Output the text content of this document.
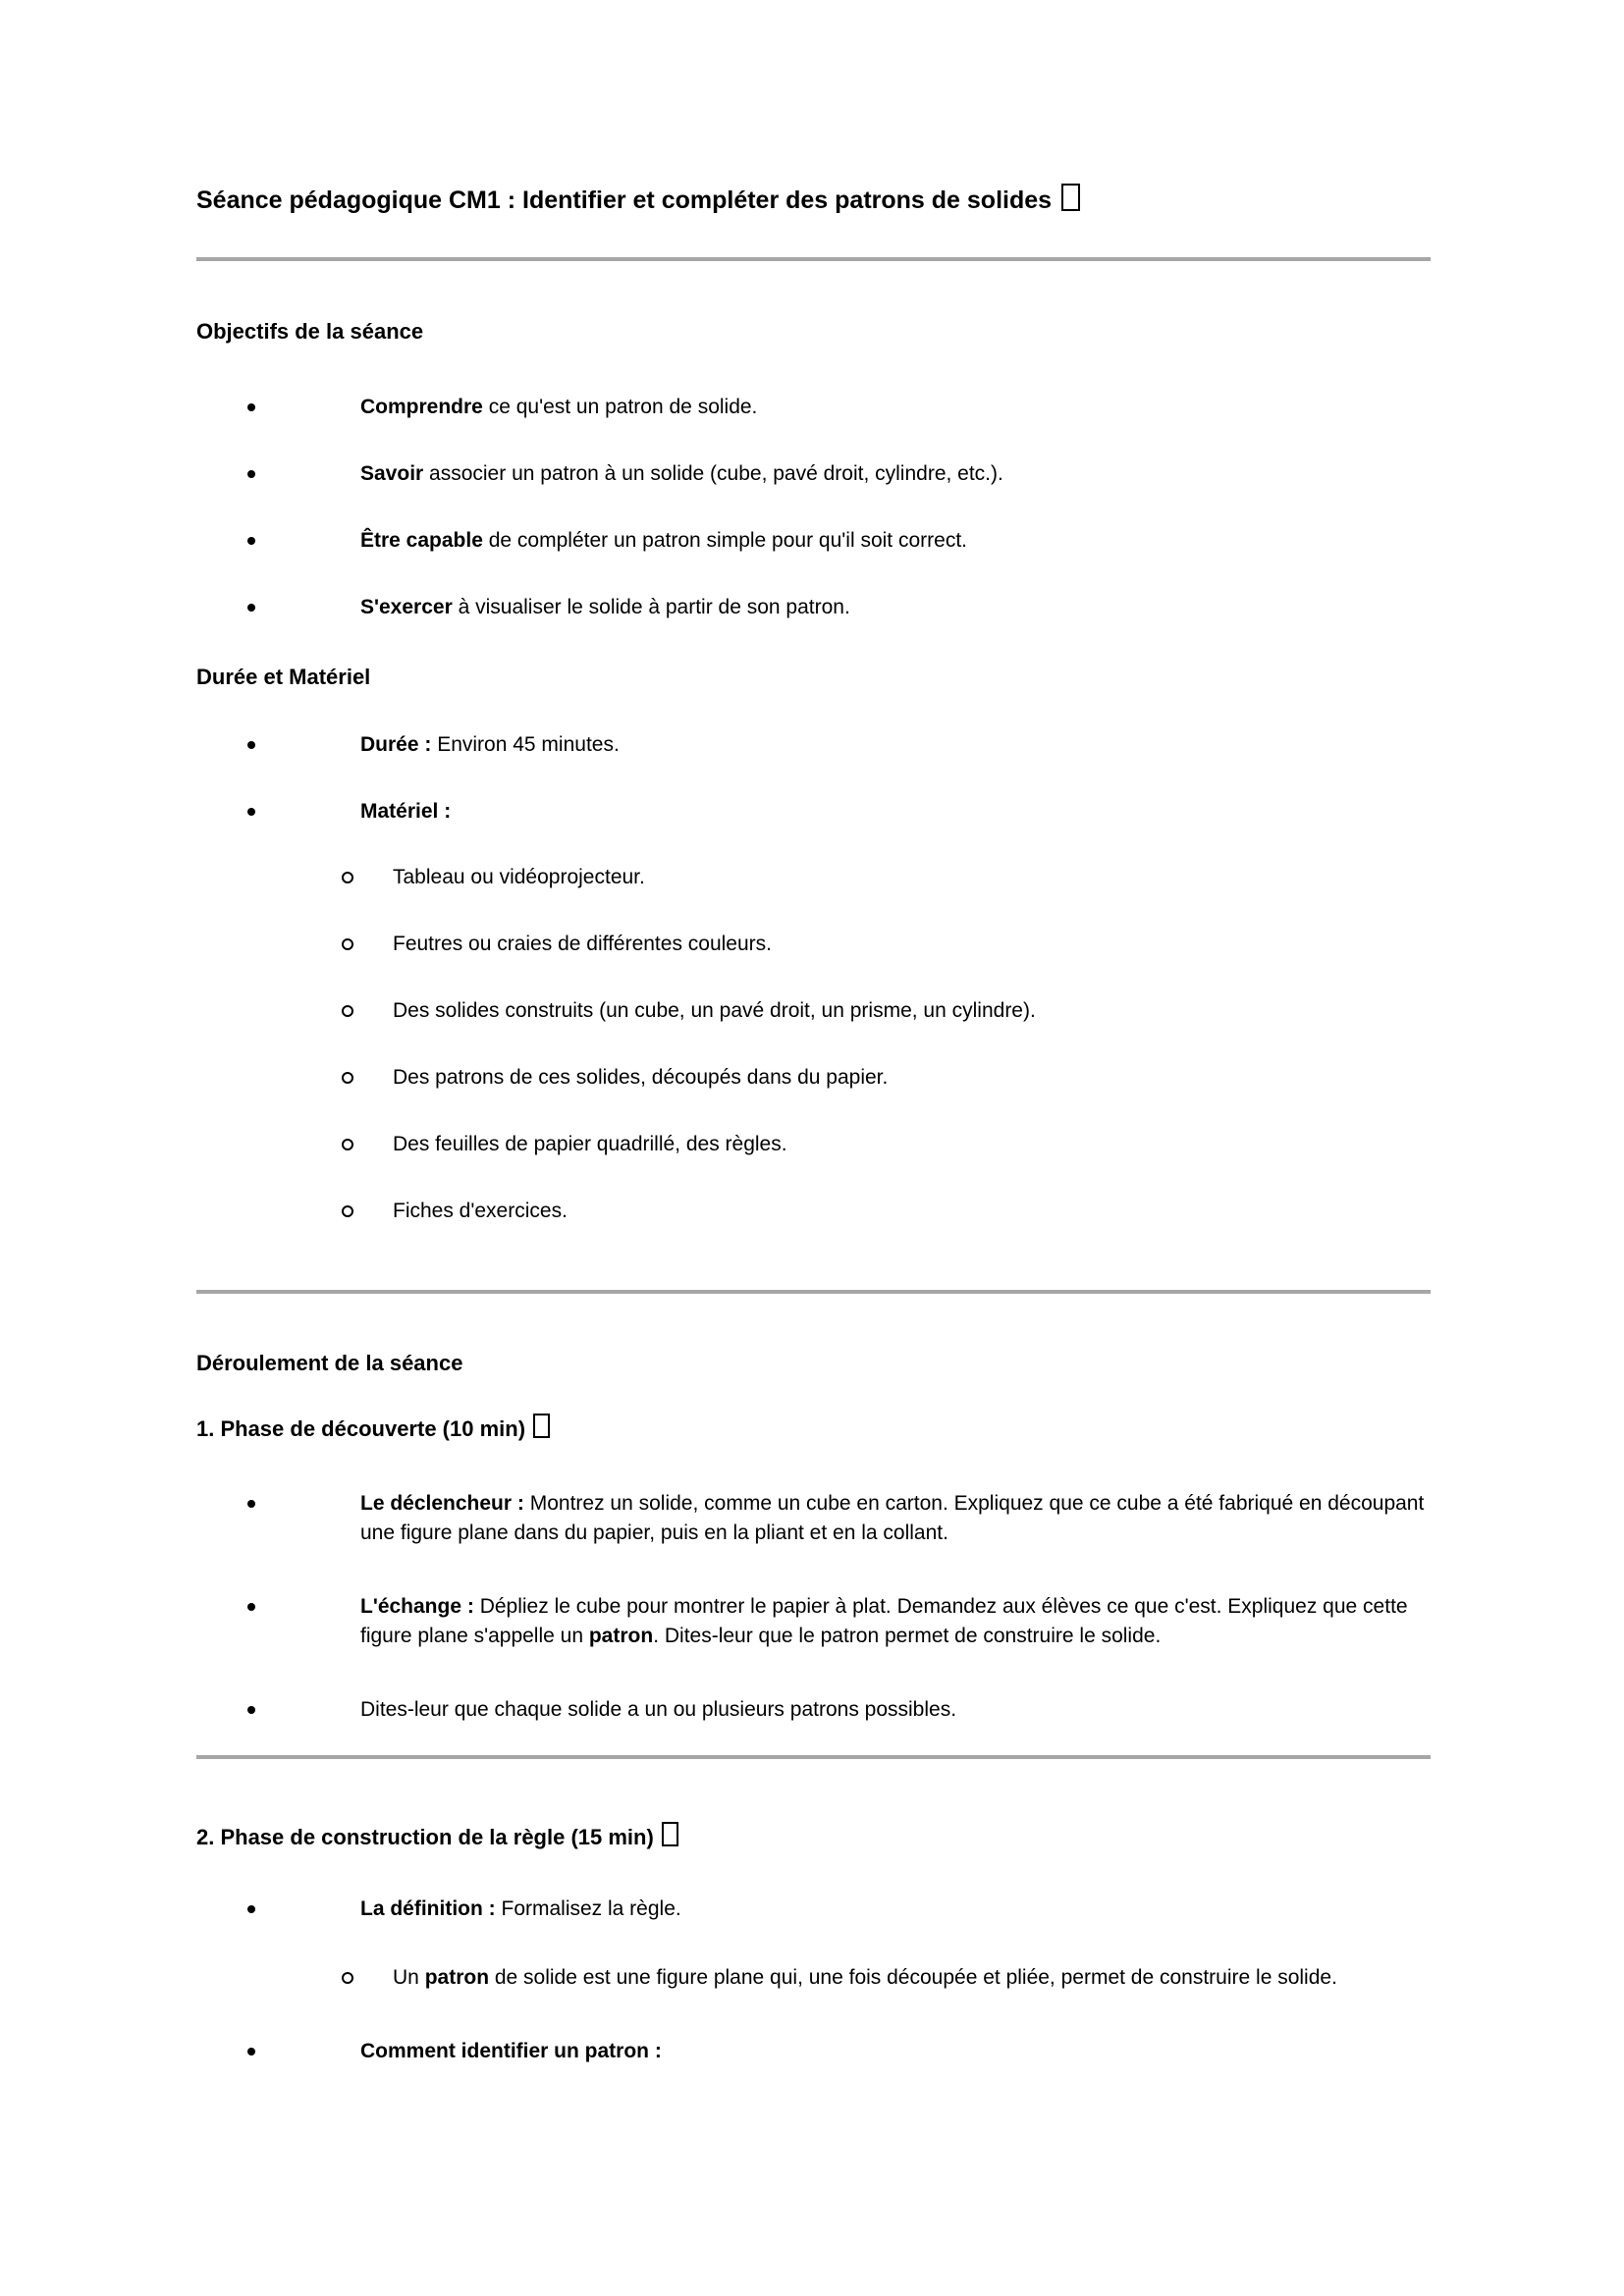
Séance pédagogique CM1 : Identifier et compléter des patrons de solides
Objectifs de la séance
Comprendre ce qu'est un patron de solide.
Savoir associer un patron à un solide (cube, pavé droit, cylindre, etc.).
Être capable de compléter un patron simple pour qu'il soit correct.
S'exercer à visualiser le solide à partir de son patron.
Durée et Matériel
Durée : Environ 45 minutes.
Matériel :
Tableau ou vidéoprojecteur.
Feutres ou craies de différentes couleurs.
Des solides construits (un cube, un pavé droit, un prisme, un cylindre).
Des patrons de ces solides, découpés dans du papier.
Des feuilles de papier quadrillé, des règles.
Fiches d'exercices.
Déroulement de la séance
1. Phase de découverte (10 min)
Le déclencheur : Montrez un solide, comme un cube en carton. Expliquez que ce cube a été fabriqué en découpant une figure plane dans du papier, puis en la pliant et en la collant.
L'échange : Dépliez le cube pour montrer le papier à plat. Demandez aux élèves ce que c'est. Expliquez que cette figure plane s'appelle un patron. Dites-leur que le patron permet de construire le solide.
Dites-leur que chaque solide a un ou plusieurs patrons possibles.
2. Phase de construction de la règle (15 min)
La définition : Formalisez la règle.
Un patron de solide est une figure plane qui, une fois découpée et pliée, permet de construire le solide.
Comment identifier un patron :
